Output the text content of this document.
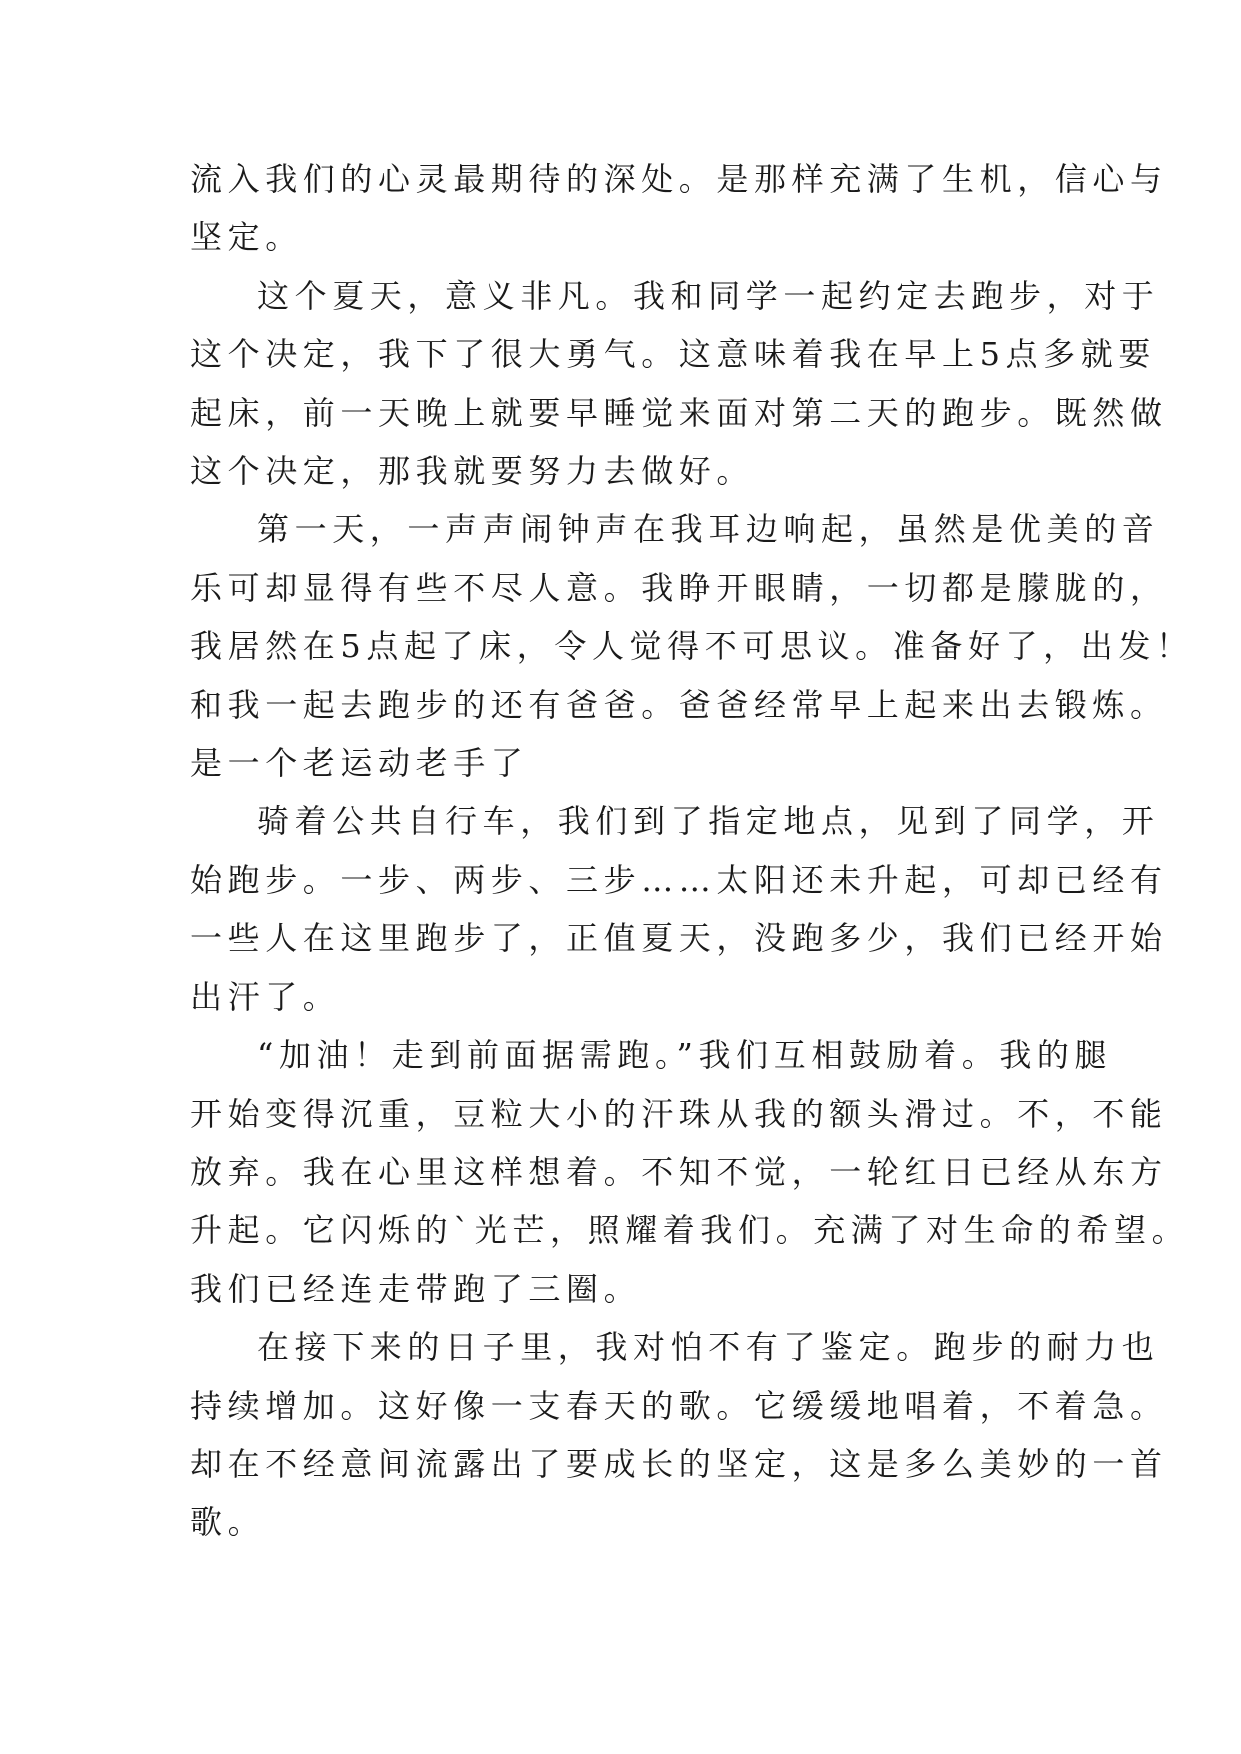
流入我们的心灵最期待的深处。是那样充满了生机，信心与
坚定。

这个夏天，意义非凡。我和同学一起约定去跑步，对于
这个决定，我下了很大勇气。这意味着我在早上5点多就要
起床，前一天晚上就要早睡觉来面对第二天的跑步。既然做
这个决定，那我就要努力去做好。

第一天，一声声闹钟声在我耳边响起，虽然是优美的音
乐可却显得有些不尽人意。我睁开眼睛，一切都是朦胧的，
我居然在5点起了床，令人觉得不可思议。准备好了，出发！
和我一起去跑步的还有爸爸。爸爸经常早上起来出去锻炼。
是一个老运动老手了

骑着公共自行车，我们到了指定地点，见到了同学，开
始跑步。一步、两步、三步……太阳还未升起，可却已经有
一些人在这里跑步了，正值夏天，没跑多少，我们已经开始
出汗了。

“加油！走到前面据需跑。”我们互相鼓励着。我的腿
开始变得沉重，豆粒大小的汗珠从我的额头滑过。不，不能
放弃。我在心里这样想着。不知不觉，一轮红日已经从东方
升起。它闪烁的`光芒，照耀着我们。充满了对生命的希望。
我们已经连走带跑了三圈。

在接下来的日子里，我对怕不有了鉴定。跑步的耐力也
持续增加。这好像一支春天的歌。它缓缓地唱着，不着急。
却在不经意间流露出了要成长的坚定，这是多么美妙的一首
歌。
